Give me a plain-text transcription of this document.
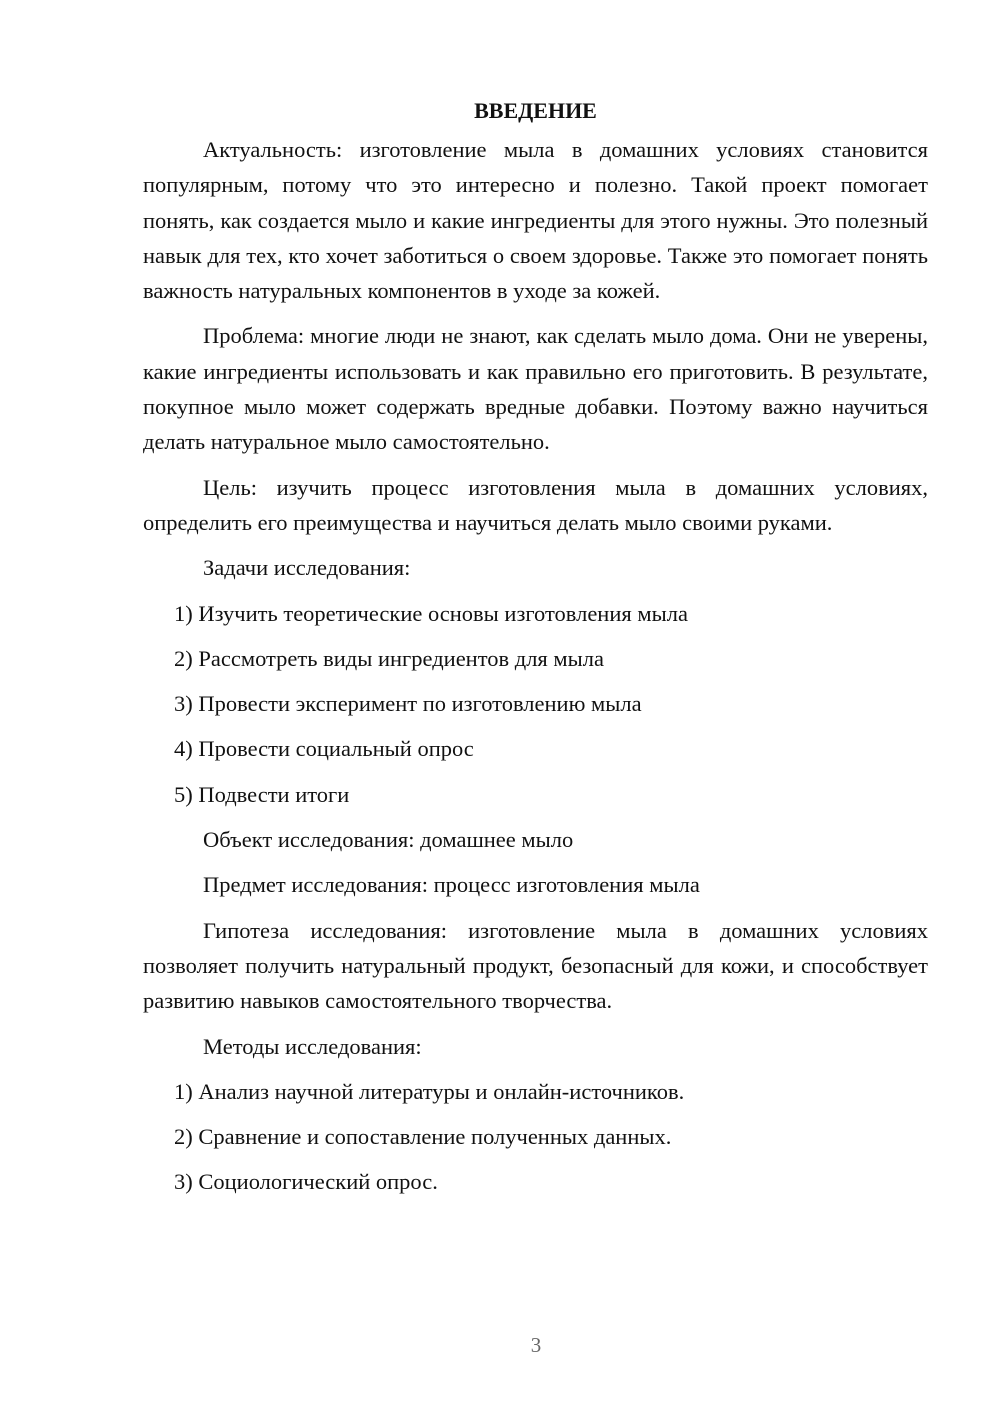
ВВЕДЕНИЕ

Актуальность: изготовление мыла в домашних условиях становится популярным, потому что это интересно и полезно. Такой проект помогает понять, как создается мыло и какие ингредиенты для этого нужны. Это полезный навык для тех, кто хочет заботиться о своем здоровье. Также это помогает понять важность натуральных компонентов в уходе за кожей.

Проблема: многие люди не знают, как сделать мыло дома. Они не уверены, какие ингредиенты использовать и как правильно его приготовить. В результате, покупное мыло может содержать вредные добавки. Поэтому важно научиться делать натуральное мыло самостоятельно.

Цель: изучить процесс изготовления мыла в домашних условиях, определить его преимущества и научиться делать мыло своими руками.

Задачи исследования:

1) Изучить теоретические основы изготовления мыла

2) Рассмотреть виды ингредиентов для мыла

3) Провести эксперимент по изготовлению мыла

4) Провести социальный опрос

5) Подвести итоги

Объект исследования: домашнее мыло

Предмет исследования: процесс изготовления мыла

Гипотеза исследования: изготовление мыла в домашних условиях позволяет получить натуральный продукт, безопасный для кожи, и способствует развитию навыков самостоятельного творчества.

Методы исследования:

1) Анализ научной литературы и онлайн-источников.

2) Сравнение и сопоставление полученных данных.

3) Социологический опрос.

3
